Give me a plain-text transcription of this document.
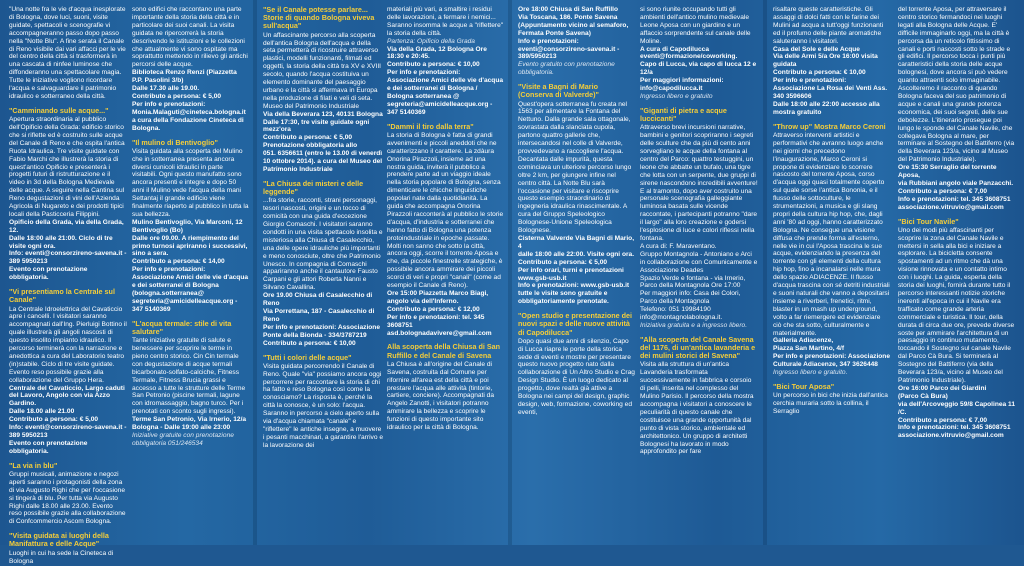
"Una notte fra le vie d'acqua inesplorate di Bologna, dove luci, suoni, visite guidate, spettacoli e scenografie vi accompagneranno passo dopo passo nella "Notte Blu". A fine serata il Canale di Reno visibile dai vari affacci per le vie del centro della città si trasformerà in una cascata di ninfee luminose che diffonderanno una spettacolare magia. Tutte le iniziative vogliono ricordare l'acqua e salvaguardare il patrimonio idraulico e sotterraneo della città.

"Camminando sulle acque..."

Apertura straordinaria al pubblico dell'Opificio della Grada: edificio storico che si riflette ed è costruito sulle acque del Canale di Reno e che ospita l'antica Ruota Idraulica. Tre visite guidate con Fabio Marchi che illustrerà la storia di quest'antico Opificio e presenterà i progetti futuri di ristrutturazione e il video in 3d della Bologna Medievale delle acque. A seguire nella Cantina sul Reno degustazioni di vini dell'Azienda Agricola di Nugareto e dei prodotti tipici locali della Pasticceria Filippini.
Opificio della Grada, via della Grada, 12.
Dalle 18:00 alle 21:00. Ciclo di tre visite ogni ora.
Info: eventi@consorzireno-savena.it - 389 5950213
Evento con prenotazione obbligatoria.

"Vi presentiamo la Centrale sul Canale"

La Centrale Idroelettrica del Cavaticcio apre i cancelli. I visitatori saranno accompagnati dall'Ing. Pierluigi Bottino il quale illustrerà gli angoli nascosti di questo insolito impianto idraulico. Il percorso terminerà con la narrazione e anedottica a cura del Laboratorio teatro (in)stabile. Ciclo di tre visite guidate. Evento reso possibile grazie alla collaborazione del Gruppo Hera.
Centrale del Cavaticcio, Largo caduti del Lavoro, Angolo con via Azzo Gardino.
Dalle 18.00 alle 21.00
Contributo a persona: € 5,00
Info: eventi@consorzireno-savena.it - 389 5950213
Evento con prenotazione obbligatoria.

"La via in blu"

Gruppi musicali, animazione e negozi aperti saranno i protagonisti della zona di via Augusto Righi che per l'occasione si tingerà di blu. Per tutta via Augusto Righi dalle 18.00 alle 23.00. Evento reso possibile grazie alla collaborazione di Confcommercio Ascom Bologna.

"Visita guidata ai luoghi della Manifattura e delle Acque"

Luoghi in cui ha sede la Cineteca di Bologna

sono edifici che raccontano una parte importante della storia della città e in particolare dei suoi canali. La visita guidata ne ripercorrerà la storia descrivendo le istituzioni e le collezioni che attualmente vi sono ospitate ma soprattutto mettendo in rilievo gli antichi percorsi delle acque.
Biblioteca Renzo Renzi (Piazzetta P.P. Pasolini 3/b)
Dalle 17.30 alle 19.00.
Contributo a persona: € 5,00
Per info e prenotazioni:
Monia.Malaguti@cineteca.bologna.it
a cura della Fondazione Cineteca di Bologna.

"Il mulino di Bentivoglio"

Visita guidata alla scoperta del Mulino che in sotterranea presenta ancora diversi cunicoli idraulici in parte visitabili. Ogni questo manufatto sono ancora presenti e integre e dopo 50 anni il Mulino vede l'acqua della mani Settantaj il grande edificio viene finalmente riaperto al pubblico in tutta la sua bellezza.
Mulino Bentivoglio, Via Marconi, 12 Bentivoglio (Bo)
Dalle ore 09.00. A riempimento del primo turnosi apriranno i successivi, sino a sera.
Contributo a persona: € 14,00
Per info e prenotazioni:
Associazione Amici delle vie d'acqua e dei sotterranei di Bologna (bologna.sotterranea@ segreteria@amicidelleacque.org - 347 5140369

"L'acqua termale: stile di vita salutare"

Tante iniziative gratuite di salute e benessere per scoprire le terme in pieno centro storico. Cin Cin termale con degustazione di acque termali bicarbonato-solfato-calciche, Fitness Termale, Fitness Brucia grassi e accesso a tutte le strutture delle Terme San Petronio (piscine termali, lagune con idromassaggio, bagno turco. Per i prenotati con sconto sugli ingressi).
Terme San Petronio, Via Irnerio, 12/a
Bologna - Dalle 19:00 alle 23:00
Iniziative gratuite con prenotazione obbligatoria 051/246534

"Se il Canale potesse parlare... Storie di quando Bologna viveva sull'acqua"

Un affascinante percorso alla scoperta dell'antica Bologna dell'acqua e della seta permetterà di ricostruire attraverso plastici, modelli funzionanti, filmati ed oggetti, la storia della città tra XV e XVIII secolo, quando l'acqua costituiva un elemento dominante del paesaggio urbano e la città si affermava in Europa nella produzione di filati e veli di seta. Museo del Patrimonio Industriale
Via della Beverara 123, 40131 Bologna
Dalle 17:30, tre visite guidate ogni mezz'ora
Contributo a persona: € 5,00
Prenotazione obbligatoria allo
051. 6356611 (entro le 13.00 di venerdì 10 ottobre 2014). a cura del Museo del Patrimonio Industriale

"La Chiusa dei misteri e delle leggende"

...fra storie, racconti, strani personaggi, tesori nascosti, origini e un tocco di comicità con una guida d'eccezione Giorgio Comaschi. I visitatori saranno condotti in una visita spettacolo insolita e misteriosa alla Chiusa di Casalecchio, una delle opere idrauliche più importanti e meno conosciute, oltre che Patrimonio Unesco. In compagnia di Comaschi appariranno anche il cantautore Fausto Carpani e gli attori Roberta Nanni e Silvano Cavallina.
Ore 19.00 Chiusa di Casalecchio di Reno
Via Porrettana, 187 - Casalecchio di Reno
Per info e prenotazioni: Associazione Ponte della Bionda - 334/3787219
Contributo a persona: € 10,00

"Tutti i colori delle acque"

Visita guidata percorrendo il Canale di Reno. Quale "via" possiamo ancora oggi percorrere per raccontare la storia di chi ha fatto e reso Bologna così come la conosciamo? La risposta è, perché la città la conosce, è un solo: l'acqua. Saranno in percorso a cielo aperto sulla via d'acqua chiamata "canale" e "riflettere" le antiche insegne, a muovere i pesanti macchinari, a garantire l'arrivo e la lavorazione dei

materiali più vari, a smaltire i residui delle lavorazioni, a fermare i nemici... Saranno insomma le acque a "riflettere" la storia della città.
Partenza: Opificio della Grada
Via della Grada, 12 Bologna Ore 18:30 e 20:45.
Contributo a persona: € 10,00
Per info e prenotazioni:
Associazione Amici delle vie d'acqua e dei sotterranei di Bologna / Bologna sotterranea @ segreteria@amicidelleacque.org - 347 5140369

"Dammi il tiro dalla terra"

La storia di Bologna è fatta di grandi avvenimenti e piccoli aneddoti che ne caratterizzano il carattere. La zdàura Onorina Pirazzoli, insieme ad una nostra guida, inviterà il pubblico a prendere parte ad un viaggio ideale nella storia popolare di Bologna, senza dimenticare le chicche linguistiche popolari nate dalla quotidianità. La guida che accompagna Onorina Pirazzoli racconterà al pubblico le storie d'acqua, d'industria e sotterranei che hanno fatto di Bologna una potenza protoindustriale in epoche passate. Molti non sanno che sotto la città, ancora oggi, scorre il torrente Aposa e che, da piccole finestrelle strategiche, è possibile ancora ammirare dei piccoli scorci di veri e propri "canali" (come ad esempio il Canale di Reno).
Ore 15:00 Piazzetta Marco Biagi, angolo via dell'Inferno.
Contributo a persona: € 12,00
Per info e prenotazioni: tel. 345 3608751
asd.bolognadavivere@gmail.com

Alla scoperta della Chiusa di San Ruffillo e del Canale di Savena

La Chiusa è all'origine del Canale di Savena, costruita dal Comune per rifornire all'area est della città e poi prestare l'acqua alle attività (tintorie, cartiere, conciere). Accompagnati da Angelo Zanotti, i visitatori potranno ammirare la bellezza e scoprire le funzioni di questo importante sito idraulico per la città di Bologna.

Ore 18:00 Chiusa di San Ruffillo
Via Toscana, 186. Ponte Savena (Appuntamento vicino al semaforo, Fermata Ponte Savena)
Info e prenotazioni:
eventi@consorzireno-savena.it - 389/5950213
Evento gratuito con prenotazione obbligatoria.

"Visite a Bagni di Mario (Conserva di Valverde)"

Quest'opera sotterranea fu creata nel 1563 per alimentare la Fontana del Nettuno. Dalla grande sala ottagonale, sovrastata dalla slanciata cupola, partono quattro gallerie che, intersecandosi nel colle di Valverde, provvedevano a raccogliere l'acqua. Decantata dalle impurità, questa cominciava un ulteriore percorso lungo oltre 2 km, per giungere infine nel centro città. La Notte Blu sarà l'occasione per visitare e riscoprire questo esempio straordinario di ingegneria idraulica rinascimentale. A cura del Gruppo Speleologico Bolognese-Unione Speleologica Bolognese.
Cisterna Valverde Via Bagni di Mario, 4
dalle 18:00 alle 22:00. Visite ogni ora.
Contributo a persona: € 5,00
Per info orari, turni e prenotazioni www.gsb-usb.it
Info e prenotazioni: www.gsb-usb.it
tutte le visite sono gratuite e obbligatoriamente prenotate.

"Open studio e presentazione dei nuovi spazi e delle nuove attività di Capodilucca"

Dopo quasi due anni di silenzio, Capo di Lucca riapre le porte della storica sede di eventi e mostre per presentare questo nuovo progetto nato dalla collaborazione di Un Altro Studio e Crag Design Studio. È un luogo dedicato al progetto, dove realtà già attive a Bologna nei campi del design, graphic design, web, formazione, coworking ed eventi,

si sono riunite occupando tutti gli ambienti dell'antico mulino medievale Leone Aposa con un giardino e un affaccio sorprendente sul canale delle Moline.
A cura di Capodilucca
eventi@formazione/coworking.
Capo di Lucca, via capo di lucca 12 e 12/a
Per maggiori informazioni:
info@capodilucca.it
Ingresso libero e gratuito

"Giganti di pietra e acque luccicanti"

Attraverso brevi incursioni narrative, bambini e genitori scopriranno i segreti delle sculture che da più di cento anni sorvegliano le acque della fontana al centro del Parco: quattro testuggini, un leone che abbatte un bufalo, una tigre che lotta con un serpente, due gruppi di sirene nascondono incredibili avventure! E al tramonto, dopo aver costruito una personale scenografia galleggiante luminosa basata sulle vicende raccontate, i partecipanti potranno "dare il largo" alla loro creazione e godersi l'esplosione di luce e colori riflessi nella fontana.
A cura di: F. Maraventano.
Gruppo Montagnola - Antoniano e Arci in collaborazione con Comunicamente e Associazione Deades
Spazio Verde e fontana - via Irnerio, Parco della Montagnola Ore 17:00
Per maggiori info: Casa dei Colori, Parco della Montagnola
Telefono: 051 19984190
info@montagnolabologna.it.
Iniziativa gratuita e a ingresso libero.

"Alla scoperta del Canale Savena del 1176, di un'antica lavanderia e dei mulini storici del Savena"

Visita alla struttura di un'antica Lavanderia trasformata successivamente in fabbrica e corsoio di pelli, inserita nel complesso del Mulino Parisio. Il percorso della mostra accompagna i visitatori a conoscere le peculiarità di questo canale che costituisce una grande opportunità dal punto di vista storico, ambientale ed architettonico. Un gruppo di architetti Bolognesi ha lavorato in modo approfondito per fare

risaltare queste caratteristiche. Gli assaggi di dolci fatti con le farine dei Mulini ad acqua a tutt'oggi funzionanti ed il profumo delle piante aromatiche saluteranno i visitatori.
Casa del Sole e delle Acque
Via delle Armi 5/a Ore 16:00 visita guidata
Contributo a persona: € 10,00
Per info e prenotazioni:
Associazione La Rosa dei Venti Ass. 340 3596606
Dalle 18:00 alle 22:00 accesso alla mostra gratuito

"Throw up" Mostra Marco Ceroni

Attraverso interventi artistici e performativi che avranno luogo anche nei giorni che precedono l'inaugurazione, Marco Ceroni si propone di evidenziare lo scorrere nascosto del torrente Aposa, corso d'acqua oggi quasi totalmente coperto sul quale sorse l'antica Bononia, e il flusso delle sottoculture, le strumentazioni, a musica e gli slang propri della cultura hip hop, che, dagli anni '80 ad oggi, hanno caratterizzato Bologna. Ne consegue una visione diffusa che prende forma all'esterno, nelle vie in cui l'Aposa trascina le sue acque, evidenziando la presenza del torrente con gli elementi della cultura hip hop, fino a incanalarsi nelle mura dello spazio ADIACENZE. Il flusso d'acqua trascina con sé detriti industriali e suoni naturali che vanno a depositarsi insieme a riverberi, frenetici, ritmi, blaster in un mash up underground, volto a far riemergere ed evidenziare ciò che sta sotto, culturalmente e materialmente.
Galleria Adiacenze,
Piazza San Martino, 4/f
Per info e prenotazioni: Associazione Culturale Adiacenze, 347 3626448
Ingresso libero e gratuito.

"Bici Tour Aposa"

Un percorso in bici che inizia dall'antica cerchia muraria sotto la collina, il Serraglio

del torrente Aposa, per attraversare il centro storico fermandoci nei luoghi legati alla Bologna delle Acque. E' difficile immaginarlo oggi, ma la città è percorsa da un reticolo fittissimo di canali e porti nascosti sotto le strade e gli edifici. Il percorso tocca i punti più caratteristici della storia delle acque bolognesi, dove ancora si può vedere quanto attraenti solo immaginabile. Ascolteremo il racconto di quando Bologna faceva del suo patrimonio di acque e canali una grande potenza economica, dei suoi segreti, delle sue debolezze. L'itinerario prosegue poi lungo le sponde del Canale Navile, che collegava Bologna al mare, per terminare al Sostegno del Battiferro (via della Beverara 123/a, vicino al Museo del Patrimonio Industriale).
Ore 15:30 Serraglio del torrente Aposa,
via Rubbiani angolo viale Panzacchi.
Contributo a persona: € 7,00
Info e prenotazioni: tel. 345 3608751 associazione.vitruvio@gmail.com

"Bici Tour Navile"

Uno dei modi più affascinanti per scoprire la zona del Canale Navile e mettersi in sella alla bici e iniziare a esplorare. La bicicletta consente spostamenti ad un ritmo che dà una visione rinnovata e un contatto intimo con i luoghi. La guida, esperta della storia dei luoghi, fornirà durante tutto il percorso interessanti notizie storiche inerenti all'epoca in cui il Navile era trafficato come grande arteria commerciale e turistica. Il tour, della durata di circa due ore, prevede diverse soste per ammirare l'architettura di un paesaggio in continuo mutamento, toccando il Sostegno sul canale Navile dal Parco Cà Bura. Si terminerà al Sostegno del Battiferro (via della Beverara 123/a, vicino al Museo del Patrimonio Industriale).
Ore 16:00 Parco dei Giardini
(Parco Cà Bura)
via dell'Arcoveggio 59/8 Capolinea 11 /C.
Contributo a persona: € 7,00
Info e prenotazioni: tel. 345 3608751
associazione.vitruvio@gmail.com
